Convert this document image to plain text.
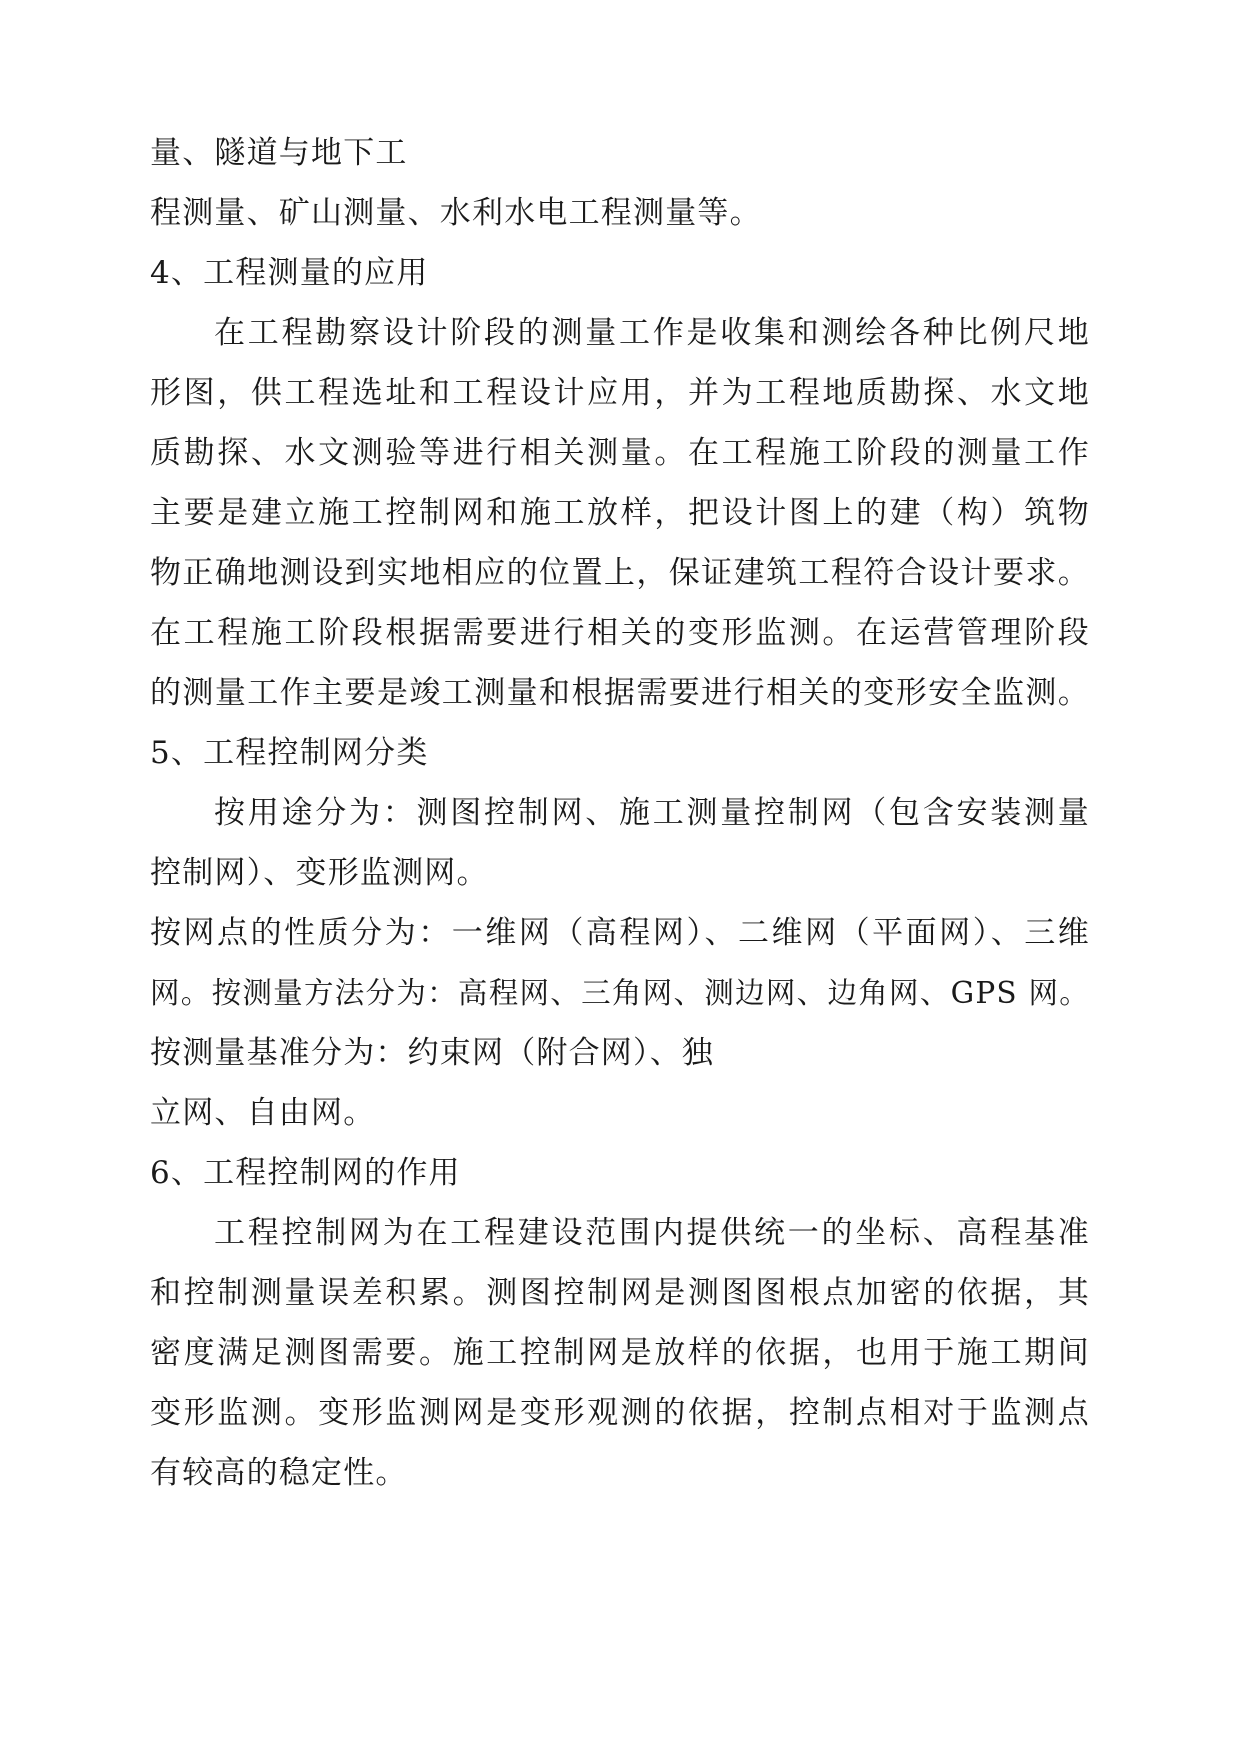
量、隧道与地下工

程测量、矿山测量、水利水电工程测量等。

4、工程测量的应用

在工程勘察设计阶段的测量工作是收集和测绘各种比例尺地

形图，供工程选址和工程设计应用，并为工程地质勘探、水文地

质勘探、水文测验等进行相关测量。在工程施工阶段的测量工作

主要是建立施工控制网和施工放样，把设计图上的建（构）筑物

物正确地测设到实地相应的位置上，保证建筑工程符合设计要求。

在工程施工阶段根据需要进行相关的变形监测。在运营管理阶段

的测量工作主要是竣工测量和根据需要进行相关的变形安全监测。

5、工程控制网分类

按用途分为：测图控制网、施工测量控制网（包含安装测量

控制网）、变形监测网。

按网点的性质分为：一维网（高程网）、二维网（平面网）、三维

网。按测量方法分为：高程网、三角网、测边网、边角网、GPS 网。

按测量基准分为：约束网（附合网）、独

立网、自由网。

6、工程控制网的作用

工程控制网为在工程建设范围内提供统一的坐标、高程基准

和控制测量误差积累。测图控制网是测图图根点加密的依据，其

密度满足测图需要。施工控制网是放样的依据，也用于施工期间

变形监测。变形监测网是变形观测的依据，控制点相对于监测点

有较高的稳定性。
